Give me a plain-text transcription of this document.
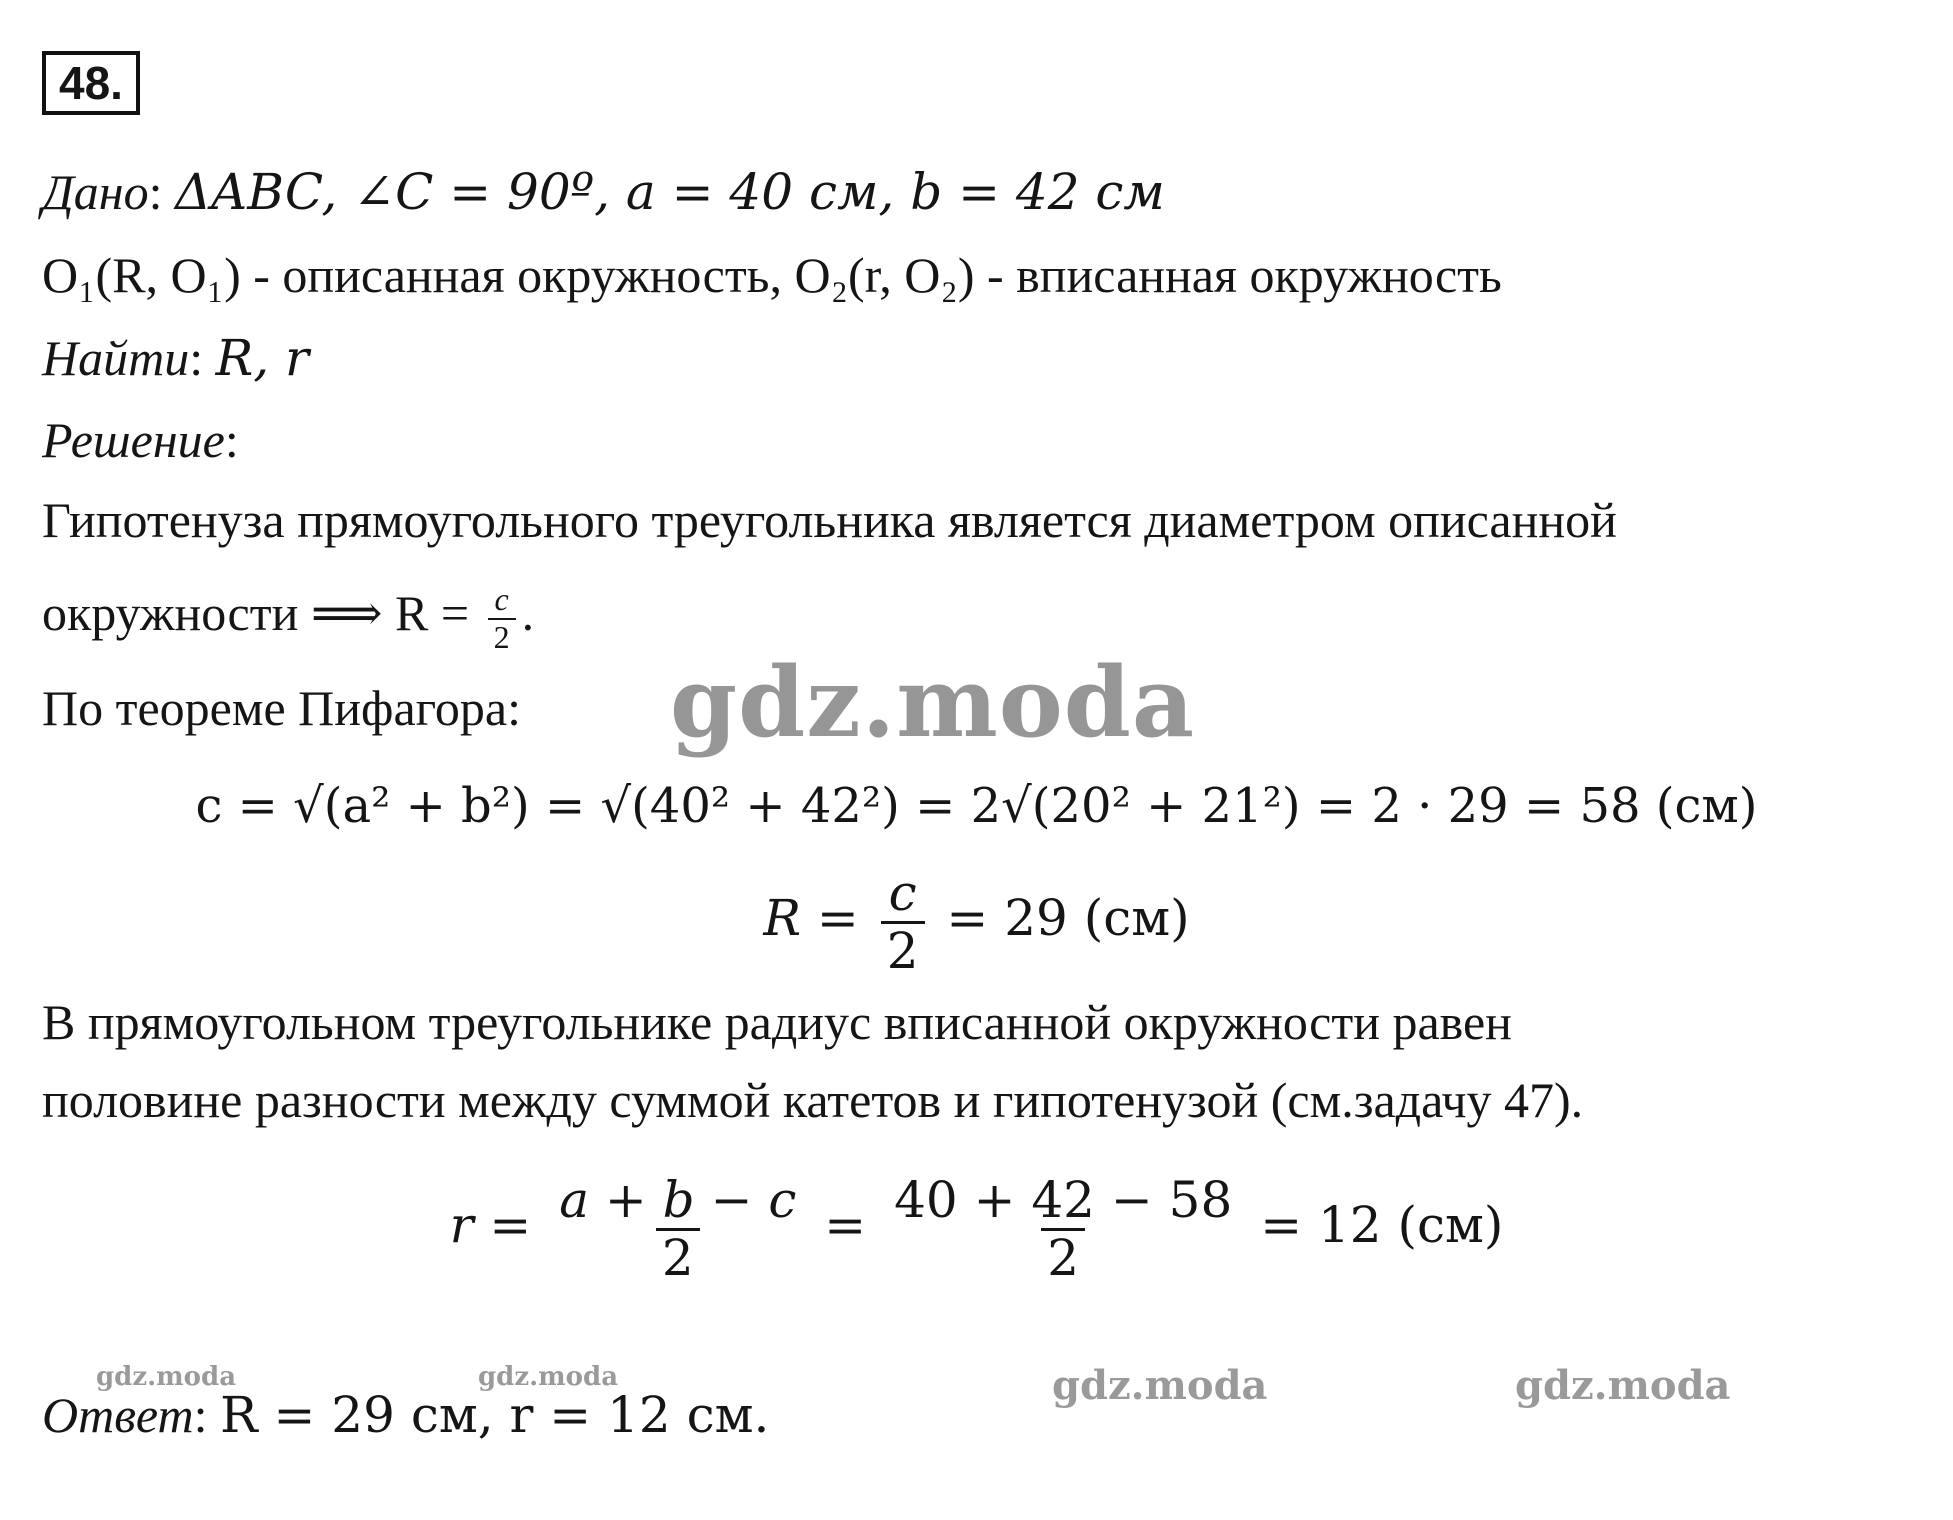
48.
Дано: ΔABC, ∠C = 90º, a = 40 см, b = 42 см
O₁(R, O₁) - описанная окружность, O₂(r, O₂) - вписанная окружность
Найти: R, r
Решение:
Гипотенуза прямоугольного треугольника является диаметром описанной
окружности ⟹ $R = \frac{c}{2}$ .
По теореме Пифагора: gdz.moda
c = √(a² + b²) = √(40² + 42²) = 2√(20² + 21²) = 2 · 29 = 58 (см)
$R = \frac{c}{2} = 29$ (см)
В прямоугольном треугольнике радиус вписанной окружности равен
половине разности между суммой катетов и гипотенузой (см.задачу 47).
$r = \frac{a + b - c}{2} = \frac{40 + 42 - 58}{2} = 12$ (см)
Ответ: R = 29 см, r = 12 см.
gdz.moda	gdz.moda	gdz.moda	gdz.moda
